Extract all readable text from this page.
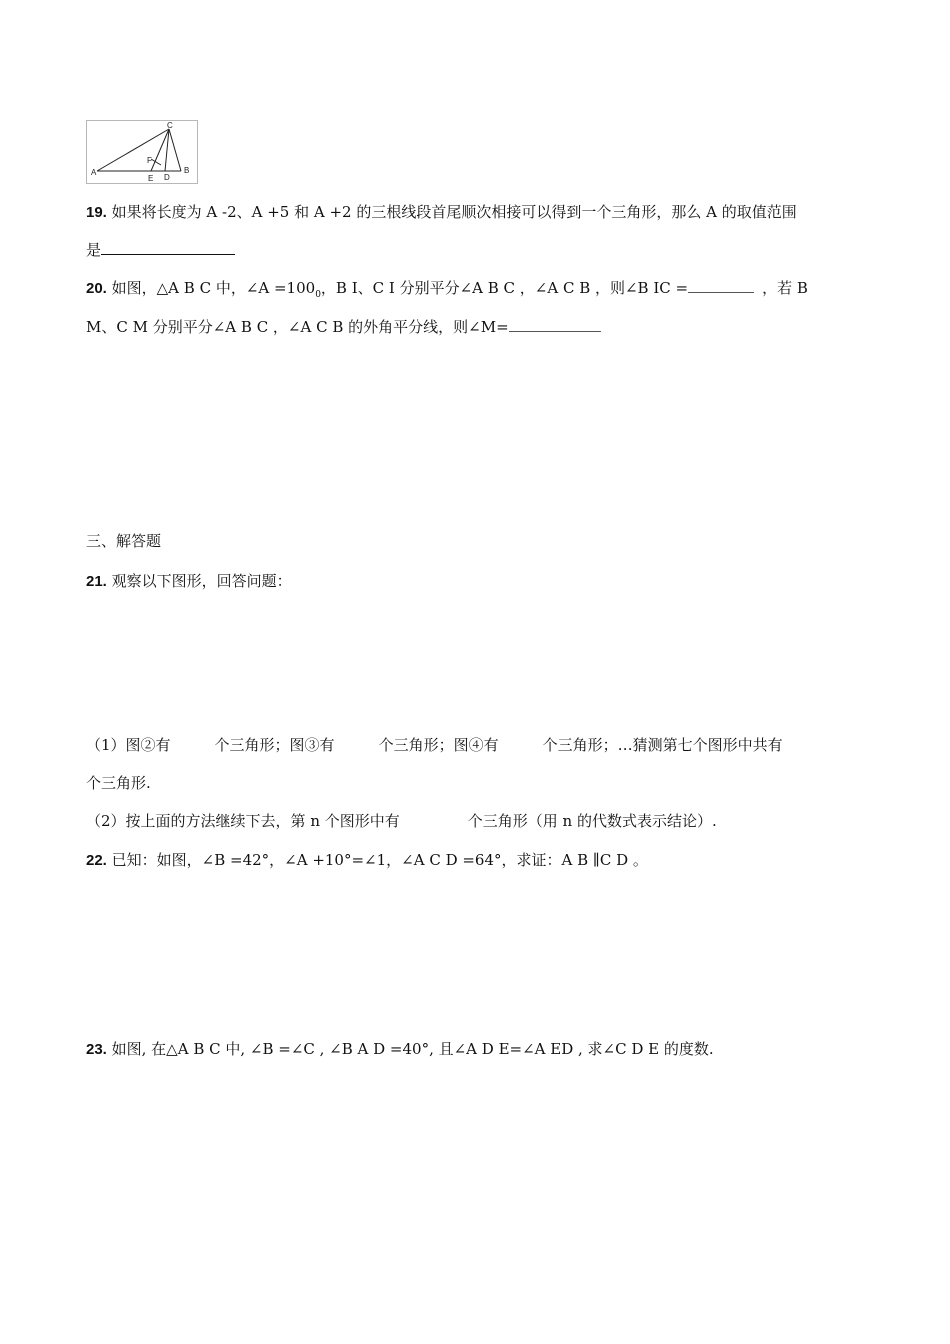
A	B
C
D
E
F
19. 如果将长度为 A -2、A +5 和 A +2 的三根线段首尾顺次相接可以得到一个三角形，那么 A 的取值范围
是
20. 如图，△A B C 中，∠A $=100_0$，B I、C I 分别平分∠A B C ，∠A C B ，则∠B IC =	，若 B
M、C M 分别平分∠A B C ，∠A C B 的外角平分线，则∠M=
三、解答题
21. 观察以下图形，回答问题：
（1）图②有	个三角形；图③有	个三角形；图④有	个三角形；…猜测第七个图形中共有
个三角形.
（2）按上面的方法继续下去，第 n 个图形中有	个三角形（用 n 的代数式表示结论）.
22. 已知：如图，∠B =42°，∠A +10°=∠1，∠A C D =64°，求证：A B ∥C D 。
23. 如图, 在△A B C 中, ∠B =∠C , ∠B A D =40°, 且∠A D E=∠A ED , 求∠C D E 的度数.
